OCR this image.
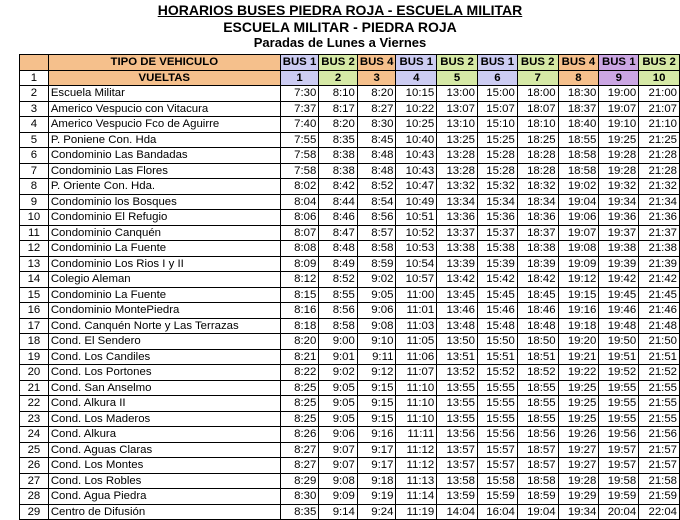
HORARIOS BUSES PIEDRA ROJA - ESCUELA MILITAR
ESCUELA MILITAR - PIEDRA ROJA
Paradas de Lunes a Viernes
	TIPO DE VEHICULO	BUS 1	BUS 2	BUS 4	BUS 1	BUS 2	BUS 1	BUS 2	BUS 4	BUS 1	BUS 2
1	VUELTAS	1	2	3	4	5	6	7	8	9	10
2	Escuela Militar	7:30	8:10	8:20	10:15	13:00	15:00	18:00	18:30	19:00	21:00
3	Americo Vespucio con Vitacura	7:37	8:17	8:27	10:22	13:07	15:07	18:07	18:37	19:07	21:07
4	Americo Vespucio Fco de Aguirre	7:40	8:20	8:30	10:25	13:10	15:10	18:10	18:40	19:10	21:10
5	P. Poniene Con. Hda	7:55	8:35	8:45	10:40	13:25	15:25	18:25	18:55	19:25	21:25
6	Condominio Las Bandadas	7:58	8:38	8:48	10:43	13:28	15:28	18:28	18:58	19:28	21:28
7	Condominio Las Flores	7:58	8:38	8:48	10:43	13:28	15:28	18:28	18:58	19:28	21:28
8	P. Oriente Con. Hda.	8:02	8:42	8:52	10:47	13:32	15:32	18:32	19:02	19:32	21:32
9	Condominio los Bosques	8:04	8:44	8:54	10:49	13:34	15:34	18:34	19:04	19:34	21:34
10	Condominio El Refugio	8:06	8:46	8:56	10:51	13:36	15:36	18:36	19:06	19:36	21:36
11	Condominio Canquén	8:07	8:47	8:57	10:52	13:37	15:37	18:37	19:07	19:37	21:37
12	Condominio La Fuente	8:08	8:48	8:58	10:53	13:38	15:38	18:38	19:08	19:38	21:38
13	Condominio Los Rios I y II	8:09	8:49	8:59	10:54	13:39	15:39	18:39	19:09	19:39	21:39
14	Colegio Aleman	8:12	8:52	9:02	10:57	13:42	15:42	18:42	19:12	19:42	21:42
15	Condominio La Fuente	8:15	8:55	9:05	11:00	13:45	15:45	18:45	19:15	19:45	21:45
16	Condominio MontePiedra	8:16	8:56	9:06	11:01	13:46	15:46	18:46	19:16	19:46	21:46
17	Cond. Canquén Norte y Las Terrazas	8:18	8:58	9:08	11:03	13:48	15:48	18:48	19:18	19:48	21:48
18	Cond. El Sendero	8:20	9:00	9:10	11:05	13:50	15:50	18:50	19:20	19:50	21:50
19	Cond. Los Candiles	8:21	9:01	9:11	11:06	13:51	15:51	18:51	19:21	19:51	21:51
20	Cond. Los Portones	8:22	9:02	9:12	11:07	13:52	15:52	18:52	19:22	19:52	21:52
21	Cond. San Anselmo	8:25	9:05	9:15	11:10	13:55	15:55	18:55	19:25	19:55	21:55
22	Cond. Alkura II	8:25	9:05	9:15	11:10	13:55	15:55	18:55	19:25	19:55	21:55
23	Cond. Los Maderos	8:25	9:05	9:15	11:10	13:55	15:55	18:55	19:25	19:55	21:55
24	Cond. Alkura	8:26	9:06	9:16	11:11	13:56	15:56	18:56	19:26	19:56	21:56
25	Cond. Aguas Claras	8:27	9:07	9:17	11:12	13:57	15:57	18:57	19:27	19:57	21:57
26	Cond. Los Montes	8:27	9:07	9:17	11:12	13:57	15:57	18:57	19:27	19:57	21:57
27	Cond. Los Robles	8:29	9:08	9:18	11:13	13:58	15:58	18:58	19:28	19:58	21:58
28	Cond. Agua Piedra	8:30	9:09	9:19	11:14	13:59	15:59	18:59	19:29	19:59	21:59
29	Centro de Difusión	8:35	9:14	9:24	11:19	14:04	16:04	19:04	19:34	20:04	22:04
